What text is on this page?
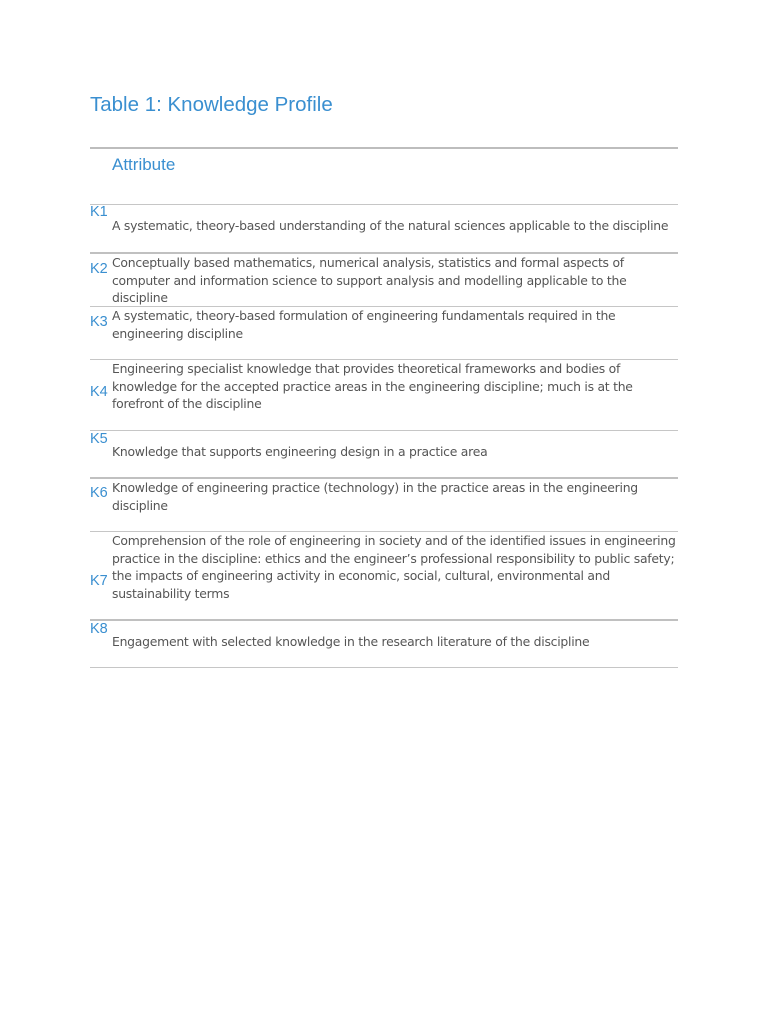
Table 1: Knowledge Profile
Attribute
K1
A systematic, theory-based understanding of the natural sciences applicable to the discipline
K2 Conceptually based mathematics, numerical analysis, statistics and formal aspects of computer and information science to support analysis and modelling applicable to the discipline
K3 A systematic, theory-based formulation of engineering fundamentals required in the engineering discipline
K4
Engineering specialist knowledge that provides theoretical frameworks and bodies of knowledge for the accepted practice areas in the engineering discipline; much is at the forefront of the discipline
K5
Knowledge that supports engineering design in a practice area
K6 Knowledge of engineering practice (technology) in the practice areas in the engineering discipline
K7
Comprehension of the role of engineering in society and of the identified issues in engineering practice in the discipline: ethics and the engineer’s professional responsibility to public safety; the impacts of engineering activity in economic, social, cultural, environmental and sustainability terms
K8
Engagement with selected knowledge in the research literature of the discipline
